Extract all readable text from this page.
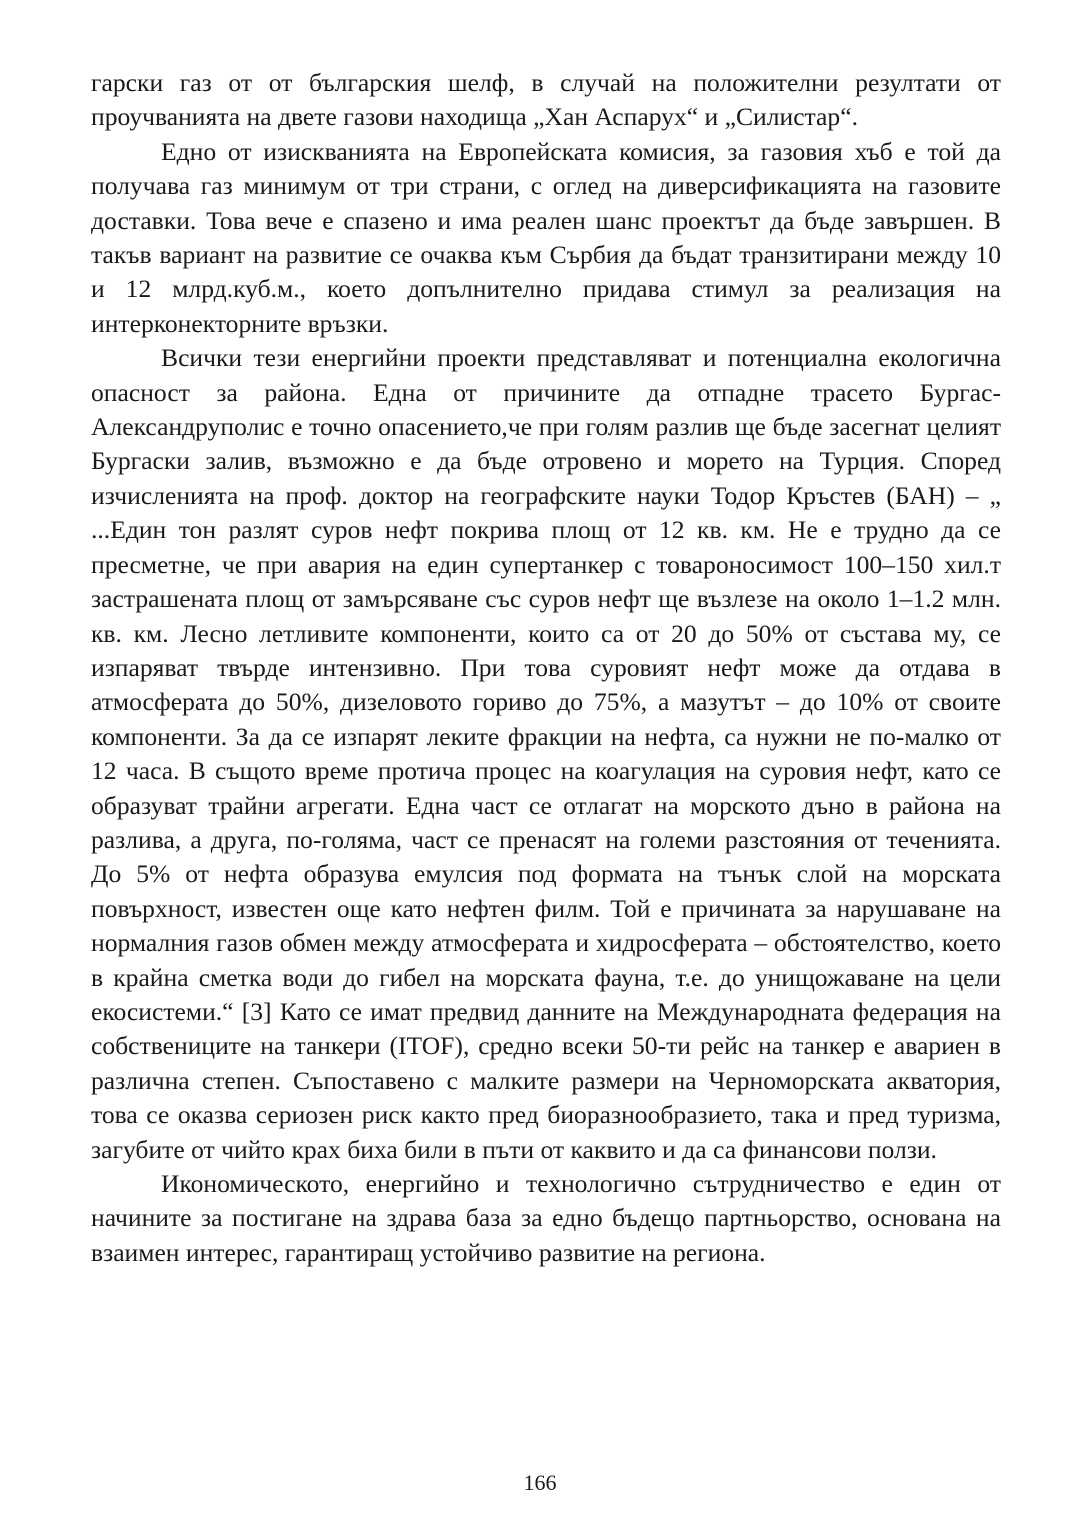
гарски газ от от българския шелф, в случай на положителни резултати от проучванията на двете газови находища „Хан Аспарух“ и „Силистар“.

Едно от изискванията на Европейската комисия, за газовия хъб е той да получава газ минимум от три страни, с оглед на диверсификацията на газовите доставки. Това вече е спазено и има реален шанс проектът да бъде завършен. В такъв вариант на развитие се очаква към Сърбия да бъдат транзитирани между 10 и 12 млрд.куб.м., което допълнително придава стимул за реализация на интерконекторните връзки.

Всички тези енергийни проекти представляват и потенциална екологична опасност за района. Една от причините да отпадне трасето Бургас-Александруполис е точно опасението,че при голям разлив ще бъде засегнат целият Бургаски залив, възможно е да бъде отровено и морето на Турция. Според изчисленията на проф. доктор на географските науки Тодор Кръстев (БАН) – „ ...Един тон разлят суров нефт покрива площ от 12 кв. км. Не е трудно да се пресметне, че при авария на един супертанкер с товароносимост 100–150 хил.т застрашената площ от замърсяване със суров нефт ще възлезе на около 1–1.2 млн. кв. км. Лесно летливите компоненти, които са от 20 до 50% от състава му, се изпаряват твърде интензивно. При това суровият нефт може да отдава в атмосферата до 50%, дизеловото гориво до 75%, а мазутът – до 10% от своите компоненти. За да се изпарят леките фракции на нефта, са нужни не по-малко от 12 часа. В същото време протича процес на коагулация на суровия нефт, като се образуват трайни агрегати. Една част се отлагат на морското дъно в района на разлива, а друга, по-голяма, част се пренасят на големи разстояния от теченията. До 5% от нефта образува емулсия под формата на тънък слой на морската повърхност, известен още като нефтен филм. Той е причината за нарушаване на нормалния газов обмен между атмосферата и хидросферата – обстоятелство, което в крайна сметка води до гибел на морската фауна, т.е. до унищожаване на цели екосистеми.“ [3] Като се имат предвид данните на Международната федерация на собствениците на танкери (ITOF), средно всеки 50-ти рейс на танкер е авариен в различна степен. Съпоставено с малките размери на Черноморската акватория, това се оказва сериозен риск както пред биоразнообразието, така и пред туризма, загубите от чийто крах биха били в пъти от каквито и да са финансови ползи.

Икономическото, енергийно и технологично сътрудничество е един от начините за постигане на здрава база за едно бъдещо партньорство, основана на взаимен интерес, гарантиращ устойчиво развитие на региона.

166
